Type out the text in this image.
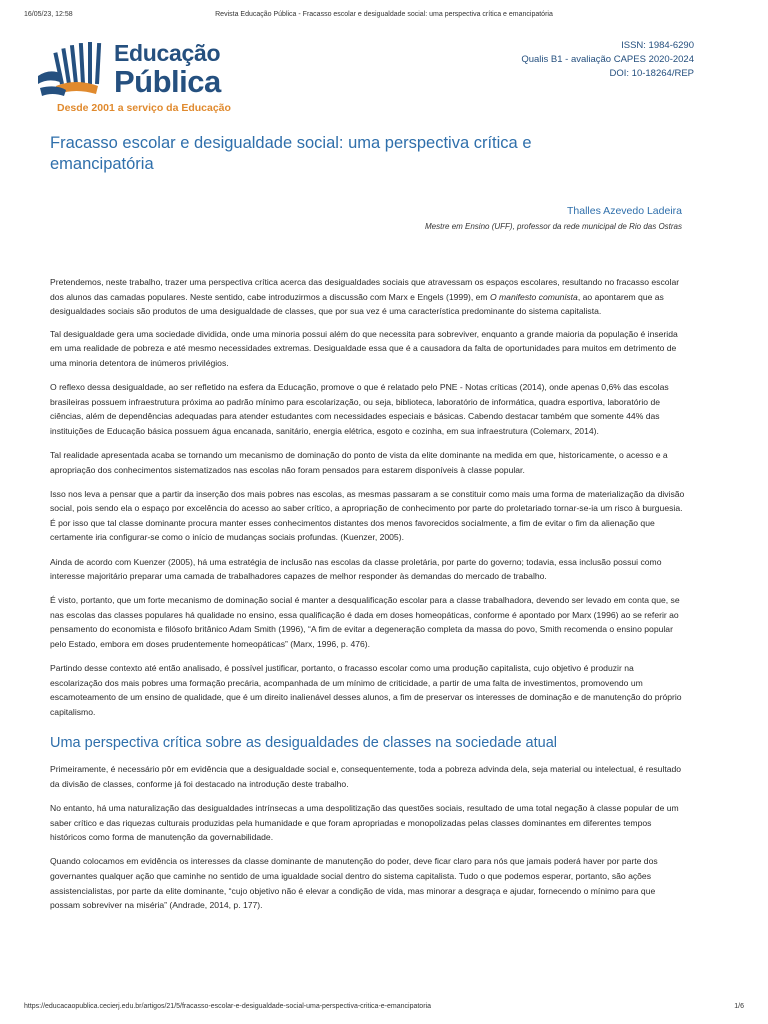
16/05/23, 12:58	Revista Educação Pública - Fracasso escolar e desigualdade social: uma perspectiva crítica e emancipatória
Educação
Pública
Desde 2001 a serviço da Educação
ISSN: 1984-6290
Qualis B1 - avaliação CAPES 2020-2024
DOI: 10-18264/REP
Fracasso escolar e desigualdade social: uma perspectiva crítica e emancipatória
Thalles Azevedo Ladeira
Mestre em Ensino (UFF), professor da rede municipal de Rio das Ostras

Pretendemos, neste trabalho, trazer uma perspectiva crítica acerca das desigualdades sociais que atravessam os espaços escolares, resultando no fracasso escolar dos alunos das camadas populares. Neste sentido, cabe introduzirmos a discussão com Marx e Engels (1999), em O manifesto comunista, ao apontarem que as desigualdades sociais são produtos de uma desigualdade de classes, que por sua vez é uma característica predominante do sistema capitalista.

Tal desigualdade gera uma sociedade dividida, onde uma minoria possui além do que necessita para sobreviver, enquanto a grande maioria da população é inserida em uma realidade de pobreza e até mesmo necessidades extremas. Desigualdade essa que é a causadora da falta de oportunidades para muitos em detrimento de uma minoria detentora de inúmeros privilégios.

O reflexo dessa desigualdade, ao ser refletido na esfera da Educação, promove o que é relatado pelo PNE - Notas críticas (2014), onde apenas 0,6% das escolas brasileiras possuem infraestrutura próxima ao padrão mínimo para escolarização, ou seja, biblioteca, laboratório de informática, quadra esportiva, laboratório de ciências, além de dependências adequadas para atender estudantes com necessidades especiais e básicas. Cabendo destacar também que somente 44% das instituições de Educação básica possuem água encanada, sanitário, energia elétrica, esgoto e cozinha, em sua infraestrutura (Colemarx, 2014).

Tal realidade apresentada acaba se tornando um mecanismo de dominação do ponto de vista da elite dominante na medida em que, historicamente, o acesso e a apropriação dos conhecimentos sistematizados nas escolas não foram pensados para estarem disponíveis à classe popular.

Isso nos leva a pensar que a partir da inserção dos mais pobres nas escolas, as mesmas passaram a se constituir como mais uma forma de materialização da divisão social, pois sendo ela o espaço por excelência do acesso ao saber crítico, a apropriação de conhecimento por parte do proletariado tornar-se-ia um risco à burguesia. É por isso que tal classe dominante procura manter esses conhecimentos distantes dos menos favorecidos socialmente, a fim de evitar o fim da alienação que certamente iria configurar-se como o início de mudanças sociais profundas. (Kuenzer, 2005).

Ainda de acordo com Kuenzer (2005), há uma estratégia de inclusão nas escolas da classe proletária, por parte do governo; todavia, essa inclusão possui como interesse majoritário preparar uma camada de trabalhadores capazes de melhor responder às demandas do mercado de trabalho.

É visto, portanto, que um forte mecanismo de dominação social é manter a desqualificação escolar para a classe trabalhadora, devendo ser levado em conta que, se nas escolas das classes populares há qualidade no ensino, essa qualificação é dada em doses homeopáticas, conforme é apontado por Marx (1996) ao se referir ao pensamento do economista e filósofo britânico Adam Smith (1996), “A fim de evitar a degeneração completa da massa do povo, Smith recomenda o ensino popular pelo Estado, embora em doses prudentemente homeopáticas” (Marx, 1996, p. 476).

Partindo desse contexto até então analisado, é possível justificar, portanto, o fracasso escolar como uma produção capitalista, cujo objetivo é produzir na escolarização dos mais pobres uma formação precária, acompanhada de um mínimo de criticidade, a partir de uma falta de investimentos, promovendo um escamoteamento de um ensino de qualidade, que é um direito inalienável desses alunos, a fim de preservar os interesses de dominação e de manutenção do próprio capitalismo.

Uma perspectiva crítica sobre as desigualdades de classes na sociedade atual

Primeiramente, é necessário pôr em evidência que a desigualdade social e, consequentemente, toda a pobreza advinda dela, seja material ou intelectual, é resultado da divisão de classes, conforme já foi destacado na introdução deste trabalho.

No entanto, há uma naturalização das desigualdades intrínsecas a uma despolitização das questões sociais, resultado de uma total negação à classe popular de um saber crítico e das riquezas culturais produzidas pela humanidade e que foram apropriadas e monopolizadas pelas classes dominantes em diferentes tempos históricos como forma de manutenção da governabilidade.

Quando colocamos em evidência os interesses da classe dominante de manutenção do poder, deve ficar claro para nós que jamais poderá haver por parte dos governantes qualquer ação que caminhe no sentido de uma igualdade social dentro do sistema capitalista. Tudo o que podemos esperar, portanto, são ações assistencialistas, por parte da elite dominante, “cujo objetivo não é elevar a condição de vida, mas minorar a desgraça e ajudar, fornecendo o mínimo para que possam sobreviver na miséria” (Andrade, 2014, p. 177).

https://educacaopublica.cecierj.edu.br/artigos/21/5/fracasso-escolar-e-desigualdade-social-uma-perspectiva-critica-e-emancipatoria	1/6
